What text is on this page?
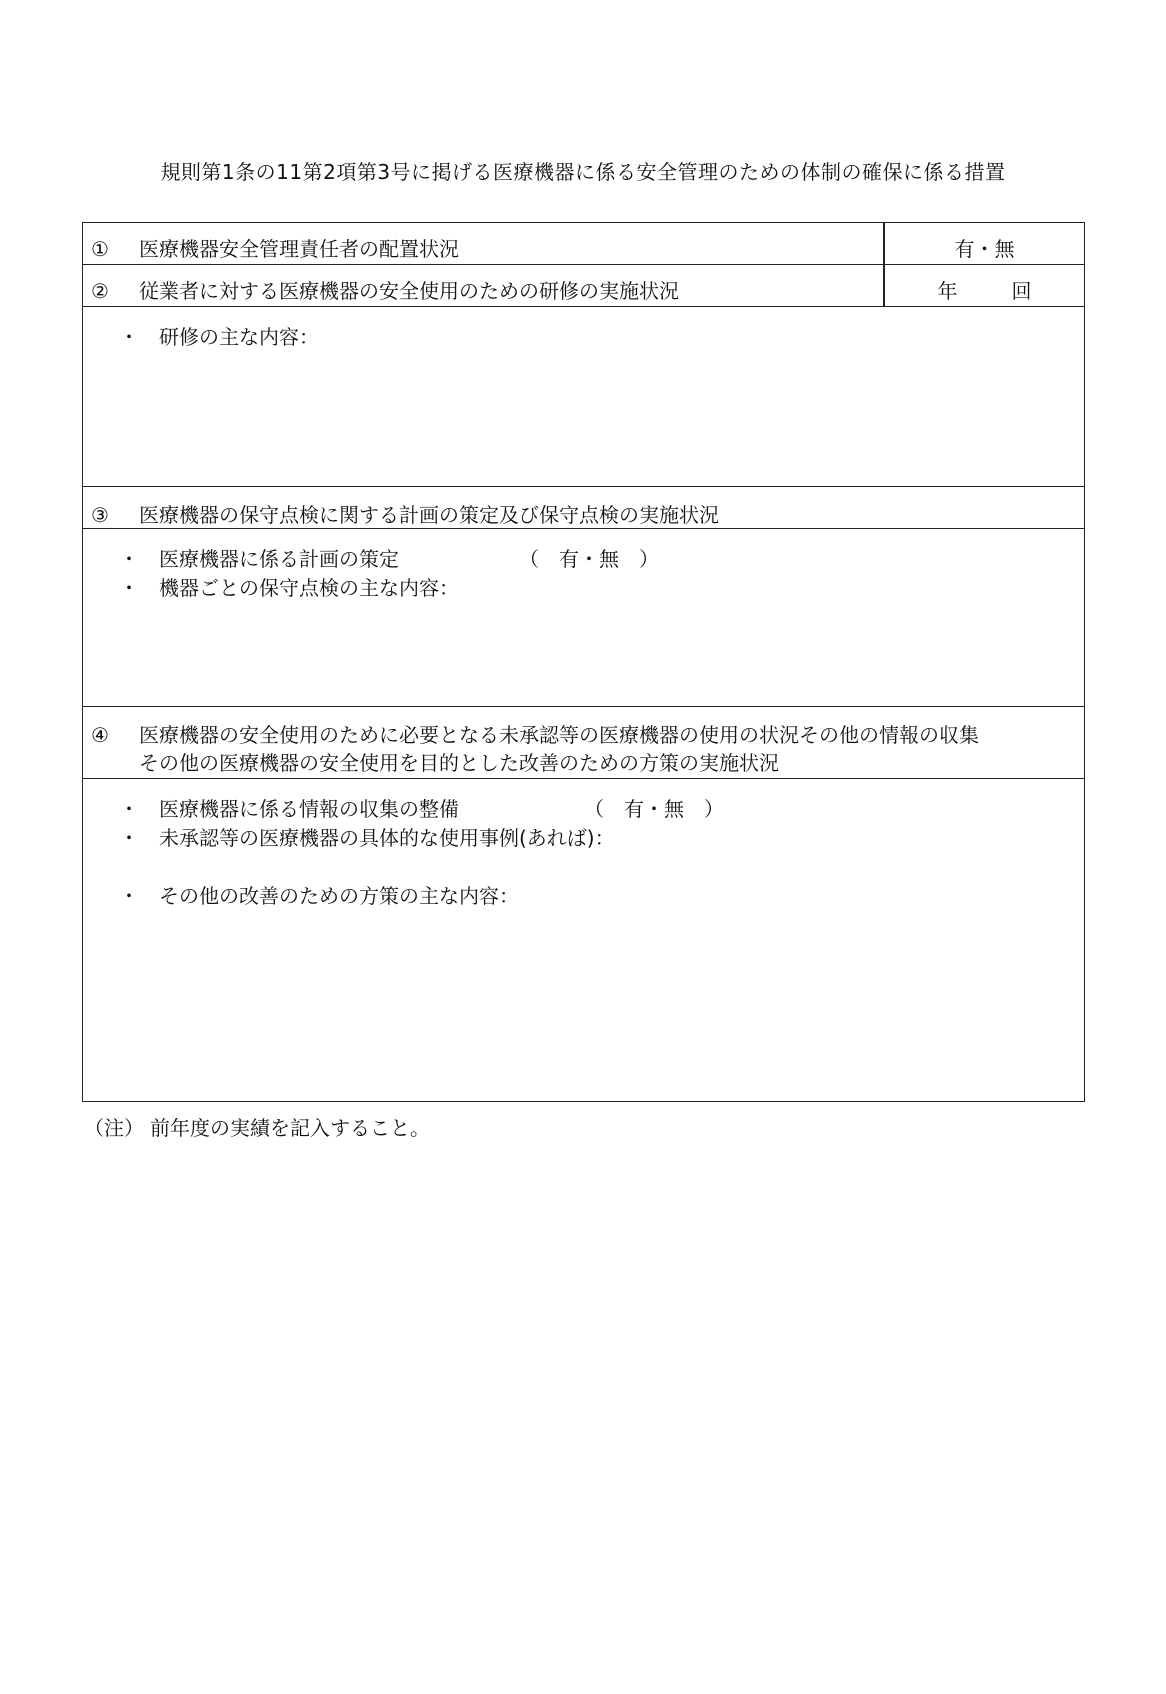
規則第1条の11第2項第3号に掲げる医療機器に係る安全管理のための体制の確保に係る措置
① 医療機器安全管理責任者の配置状況	有・無
② 従業者に対する医療機器の安全使用のための研修の実施状況	年	回
・ 研修の主な内容：
③ 医療機器の保守点検に関する計画の策定及び保守点検の実施状況
・ 医療機器に係る計画の策定	（　有・無　）
・ 機器ごとの保守点検の主な内容：
④ 医療機器の安全使用のために必要となる未承認等の医療機器の使用の状況その他の情報の収集
その他の医療機器の安全使用を目的とした改善のための方策の実施状況
・ 医療機器に係る情報の収集の整備	（　有・無　）
・ 未承認等の医療機器の具体的な使用事例(あれば)：
・ その他の改善のための方策の主な内容：
（注） 前年度の実績を記入すること。
